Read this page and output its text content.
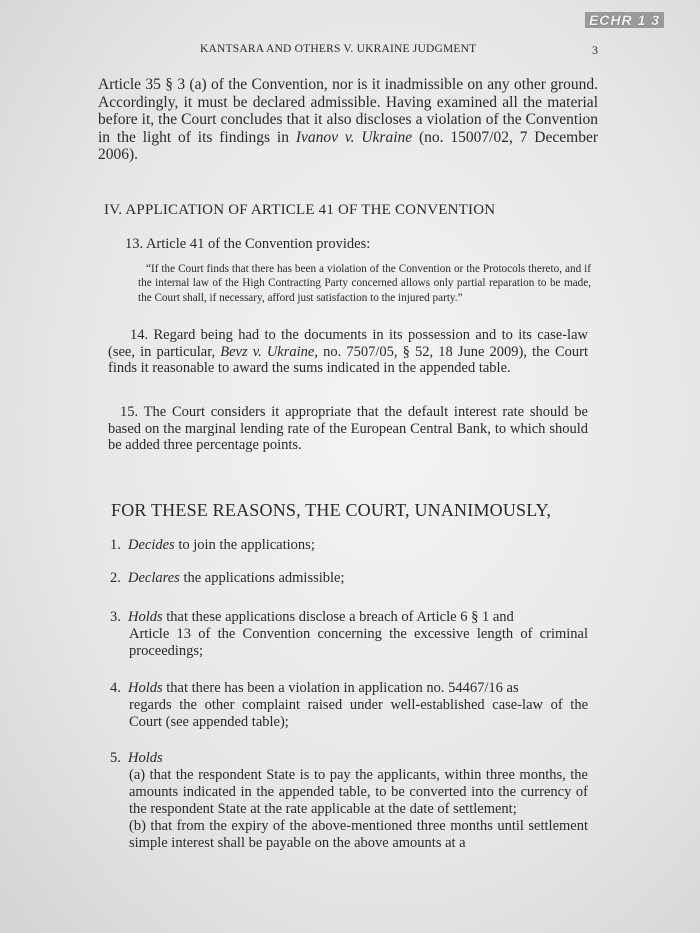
ECHR 1 3
KANTSARA AND OTHERS V. UKRAINE JUDGMENT	3

Article 35 § 3 (a) of the Convention, nor is it inadmissible on any other ground. Accordingly, it must be declared admissible. Having examined all the material before it, the Court concludes that it also discloses a violation of the Convention in the light of its findings in Ivanov v. Ukraine (no. 15007/02, 7 December 2006).

IV. APPLICATION OF ARTICLE 41 OF THE CONVENTION
13. Article 41 of the Convention provides:
“If the Court finds that there has been a violation of the Convention or the Protocols thereto, and if the internal law of the High Contracting Party concerned allows only partial reparation to be made, the Court shall, if necessary, afford just satisfaction to the injured party.”

14. Regard being had to the documents in its possession and to its case-law (see, in particular, Bevz v. Ukraine, no. 7507/05, § 52, 18 June 2009), the Court finds it reasonable to award the sums indicated in the appended table.

15. The Court considers it appropriate that the default interest rate should be based on the marginal lending rate of the European Central Bank, to which should be added three percentage points.

FOR THESE REASONS, THE COURT, UNANIMOUSLY,
1. Decides to join the applications;
2. Declares the applications admissible;
3. Holds that these applications disclose a breach of Article 6 § 1 and
Article 13 of the Convention concerning the excessive length of criminal proceedings;
4. Holds that there has been a violation in application no. 54467/16 as
regards the other complaint raised under well-established case-law of the Court (see appended table);
5. Holds
(a) that the respondent State is to pay the applicants, within three months, the amounts indicated in the appended table, to be converted into the currency of the respondent State at the rate applicable at the date of settlement;
(b) that from the expiry of the above-mentioned three months until settlement simple interest shall be payable on the above amounts at a
